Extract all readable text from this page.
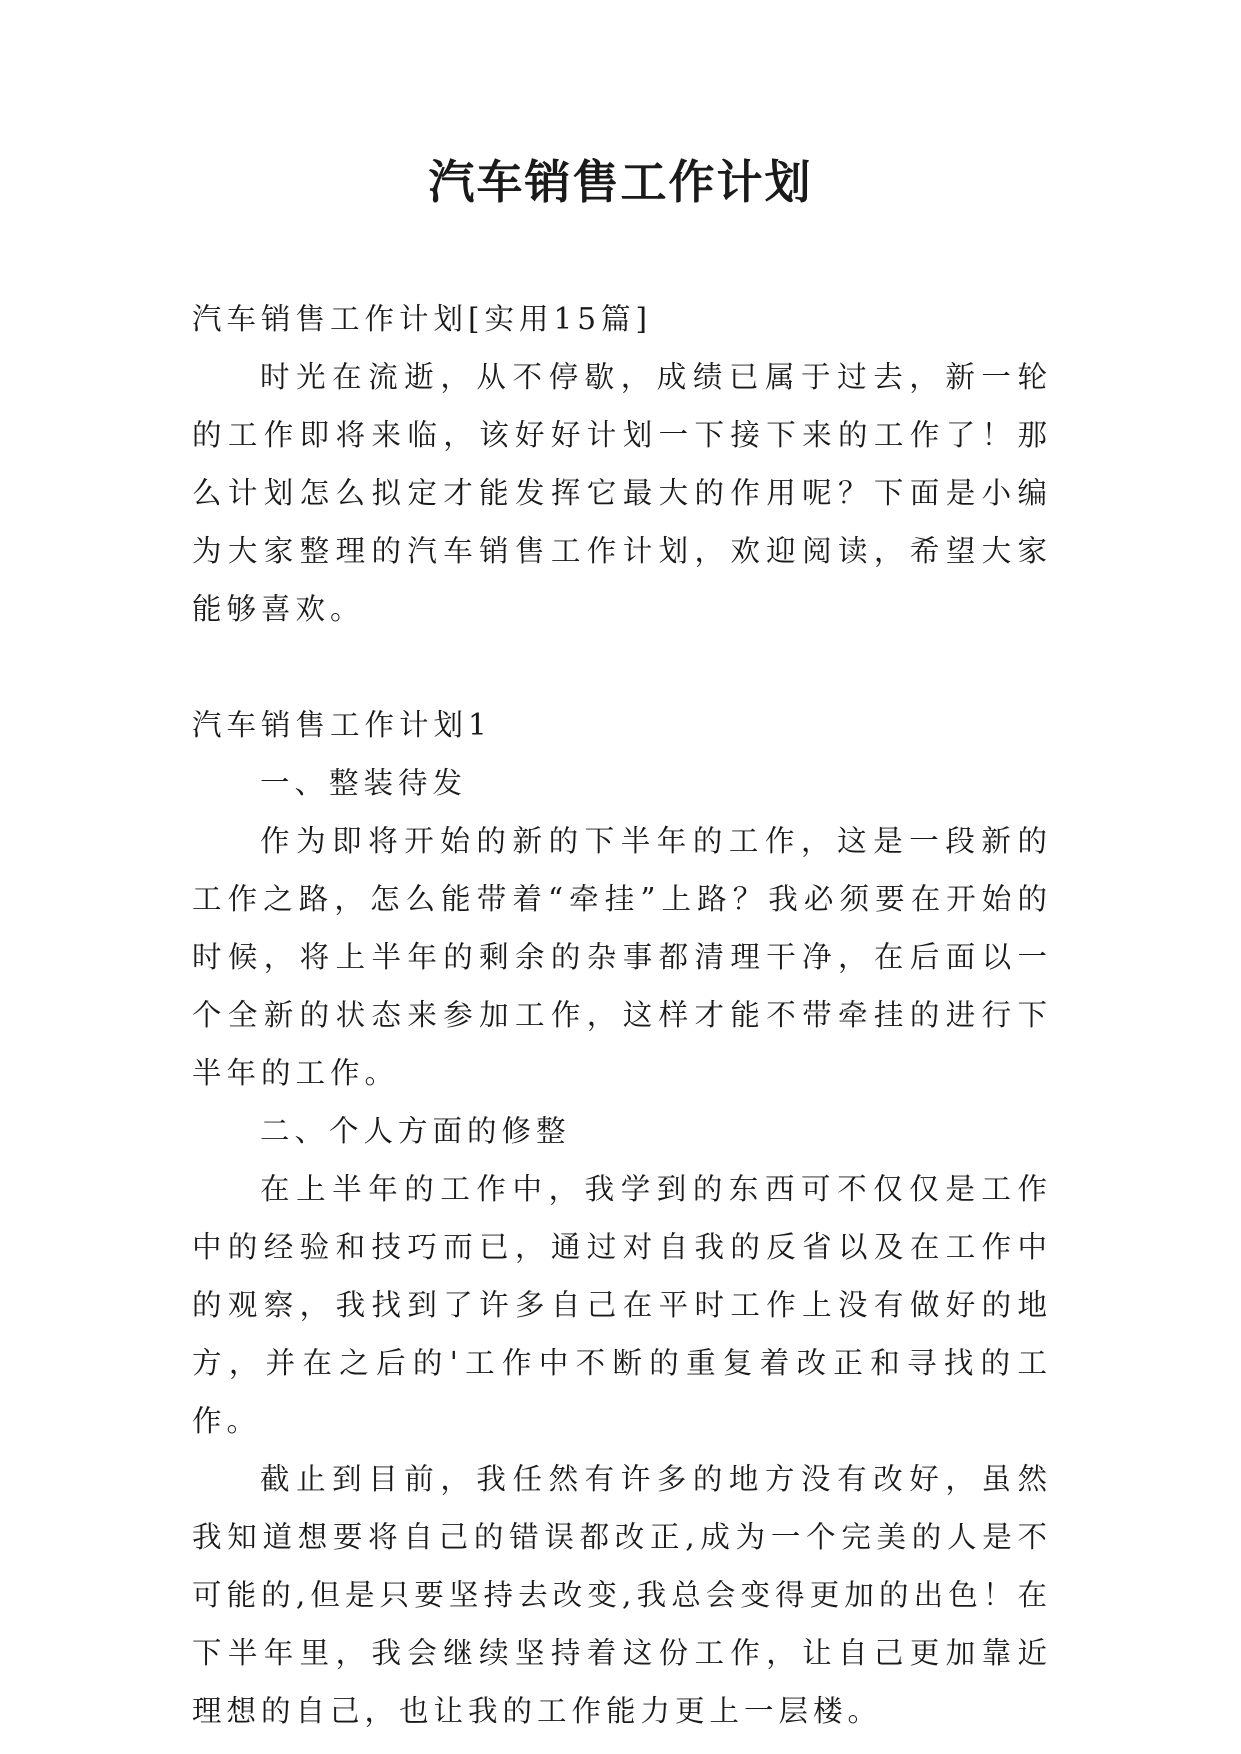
汽车销售工作计划

汽车销售工作计划[实用15篇]

时光在流逝，从不停歇，成绩已属于过去，新一轮的工作即将来临，该好好计划一下接下来的工作了！那么计划怎么拟定才能发挥它最大的作用呢？下面是小编为大家整理的汽车销售工作计划，欢迎阅读，希望大家能够喜欢。

汽车销售工作计划1

一、整装待发

作为即将开始的新的下半年的工作，这是一段新的工作之路，怎么能带着“牵挂”上路？我必须要在开始的时候，将上半年的剩余的杂事都清理干净，在后面以一个全新的状态来参加工作，这样才能不带牵挂的进行下半年的工作。

二、个人方面的修整

在上半年的工作中，我学到的东西可不仅仅是工作中的经验和技巧而已，通过对自我的反省以及在工作中的观察，我找到了许多自己在平时工作上没有做好的地方，并在之后的'工作中不断的重复着改正和寻找的工作。

截止到目前，我任然有许多的地方没有改好，虽然我知道想要将自己的错误都改正,成为一个完美的人是不可能的,但是只要坚持去改变,我总会变得更加的出色！在下半年里，我会继续坚持着这份工作，让自己更加靠近理想的自己，也让我的工作能力更上一层楼。
